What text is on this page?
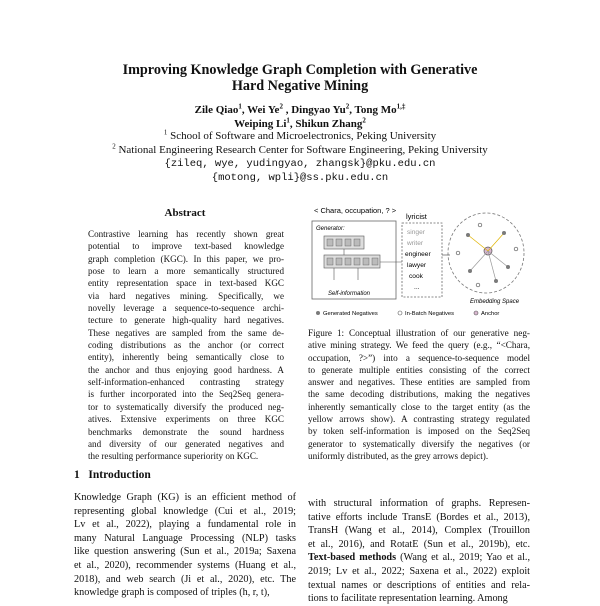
Improving Knowledge Graph Completion with Generative
Hard Negative Mining
Zile Qiao$^1$, Wei Ye$^2$ , Dingyao Yu$^2$, Tong $Mo^{1,\ddagger}$
Weiping Li$^1$, Shikun Zhang$^2$
$^1$ School of Software and Microelectronics, Peking University
$^2$ National Engineering Research Center for Software Engineering, Peking University
{zileq, wye, yudingyao, zhangsk}@pku.edu.cn
{motong, wpli}@ss.pku.edu.cn
Abstract
Contrastive learning has recently shown great
potential to improve text-based knowledge
graph completion (KGC). In this paper, we pro-
pose to learn a more semantically structured
entity representation space in text-based KGC
via hard negatives mining. Specifically, we
novelly leverage a sequence-to-sequence archi-
tecture to generate high-quality hard negatives.
These negatives are sampled from the same de-
coding distributions as the anchor (or correct
entity), inherently being semantically close to
the anchor and thus enjoying good hardness. A
self-information-enhanced contrasting strategy
is further incorporated into the Seq2Seq genera-
tor to systematically diversify the produced neg-
atives. Extensive experiments on three KGC
benchmarks demonstrate the sound hardness
and diversity of our generated negatives and
the resulting performance superiority on KGC.
< Chara, occupation, ? >
Generator:
Self-information
lyricist
singer
writer
engineer
lawyer
cook
...
Embedding Space
Generated Negatives	In-Batch Negatives	Anchor
Figure 1: Conceptual illustration of our generative neg-
ative mining strategy. We feed the query (e.g., “<Chara,
occupation, ?>”) into a sequence-to-sequence model
to generate multiple entities consisting of the correct
answer and negatives. These entities are sampled from
the same decoding distributions, making the negatives
inherently semantically close to the target entity (as the
yellow arrows show). A contrasting strategy regulated
by token self-information is imposed on the Seq2Seq
generator to systematically diversify the negatives (or
uniformly distributed, as the grey arrows depict).
1 Introduction
Knowledge Graph (KG) is an efficient method of
representing global knowledge (Cui et al., 2019;
Lv et al., 2022), playing a fundamental role in
many Natural Language Processing (NLP) tasks
like question answering (Sun et al., 2019a; Saxena
et al., 2020), recommender systems (Huang et al.,
2018), and web search (Ji et al., 2020), etc. The
knowledge graph is composed of triples (h, r, t),
with structural information of graphs. Represen-
tative efforts include TransE (Bordes et al., 2013),
TransH (Wang et al., 2014), Complex (Trouillon
et al., 2016), and RotatE (Sun et al., 2019b), etc.
Text-based methods (Wang et al., 2019; Yao et al.,
2019; Lv et al., 2022; Saxena et al., 2022) exploit
textual names or descriptions of entities and rela-
tions to facilitate representation learning. Among
